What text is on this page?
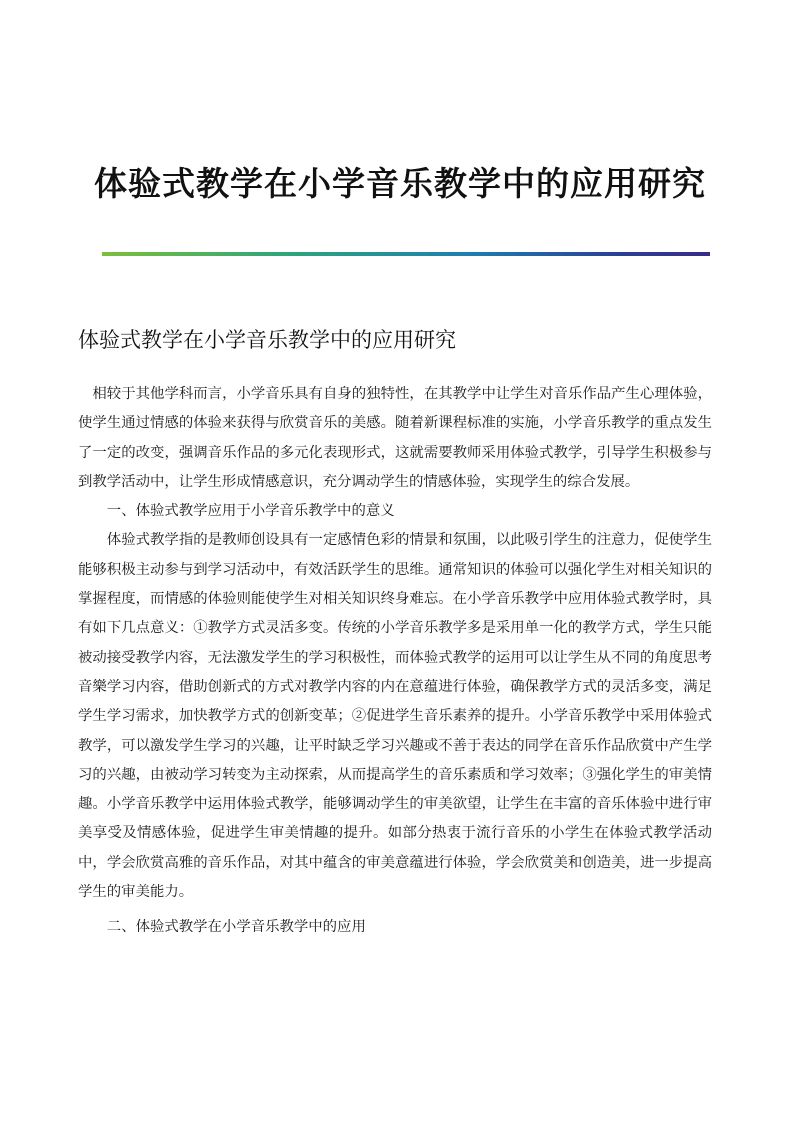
体验式教学在小学音乐教学中的应用研究
体验式教学在小学音乐教学中的应用研究

相较于其他学科而言，小学音乐具有自身的独特性，在其教学中让学生对音乐作品产生心理体验，使学生通过情感的体验来获得与欣赏音乐的美感。随着新课程标准的实施，小学音乐教学的重点发生了一定的改变，强调音乐作品的多元化表现形式，这就需要教师采用体验式教学，引导学生积极参与到教学活动中，让学生形成情感意识，充分调动学生的情感体验，实现学生的综合发展。

一、体验式教学应用于小学音乐教学中的意义

体验式教学指的是教师创设具有一定感情色彩的情景和氛围，以此吸引学生的注意力，促使学生能够积极主动参与到学习活动中，有效活跃学生的思维。通常知识的体验可以强化学生对相关知识的掌握程度，而情感的体验则能使学生对相关知识终身难忘。在小学音乐教学中应用体验式教学时，具有如下几点意义：①教学方式灵活多变。传统的小学音乐教学多是采用单一化的教学方式，学生只能被动接受教学内容，无法激发学生的学习积极性，而体验式教学的运用可以让学生从不同的角度思考音樂学习内容，借助创新式的方式对教学内容的内在意蕴进行体验，确保教学方式的灵活多变，满足学生学习需求，加快教学方式的创新变革；②促进学生音乐素养的提升。小学音乐教学中采用体验式教学，可以激发学生学习的兴趣，让平时缺乏学习兴趣或不善于表达的同学在音乐作品欣赏中产生学习的兴趣，由被动学习转变为主动探索，从而提高学生的音乐素质和学习效率；③强化学生的审美情趣。小学音乐教学中运用体验式教学，能够调动学生的审美欲望，让学生在丰富的音乐体验中进行审美享受及情感体验，促进学生审美情趣的提升。如部分热衷于流行音乐的小学生在体验式教学活动中，学会欣赏高雅的音乐作品，对其中蕴含的审美意蕴进行体验，学会欣赏美和创造美，进一步提高学生的审美能力。

二、体验式教学在小学音乐教学中的应用
